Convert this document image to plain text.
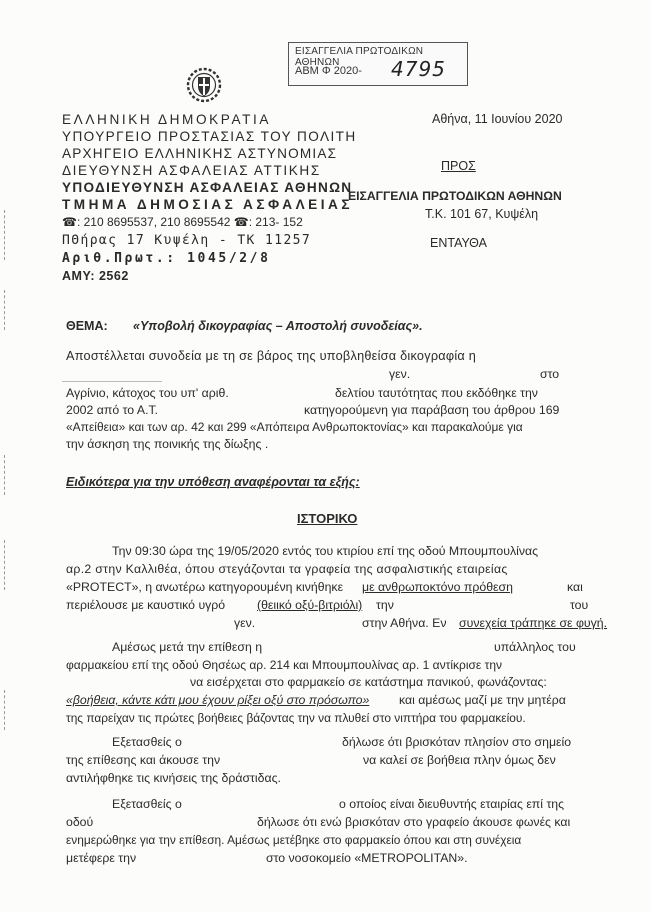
ΕΙΣΑΓΓΕΛΙΑ ΠΡΩΤΟΔΙΚΩΝ ΑΘΗΝΩΝ
ΑΒΜ Φ 2020- 4795
ΕΛΛΗΝΙΚΗ ΔΗΜΟΚΡΑΤΙΑ
ΥΠΟΥΡΓΕΙΟ ΠΡΟΣΤΑΣΙΑΣ ΤΟΥ ΠΟΛΙΤΗ
ΑΡΧΗΓΕΙΟ ΕΛΛΗΝΙΚΗΣ ΑΣΤΥΝΟΜΙΑΣ
ΔΙΕΥΘΥΝΣΗ ΑΣΦΑΛΕΙΑΣ ΑΤΤΙΚΗΣ
ΥΠΟΔΙΕΥΘΥΝΣΗ ΑΣΦΑΛΕΙΑΣ ΑΘΗΝΩΝ
ΤΜΗΜΑ ΔΗΜΟΣΙΑΣ ΑΣΦΑΛΕΙΑΣ
☎: 210 8695537, 210 8695542 ☎: 213- 152
ΠΘήρας 17 Κυψέλη - ΤΚ 11257
Αριθ.Πρωτ.: 1045/2/8
ΑΜΥ: 2562
Αθήνα, 11 Ιουνίου 2020
ΠΡΟΣ
ΕΙΣΑΓΓΕΛΙΑ ΠΡΩΤΟΔΙΚΩΝ ΑΘΗΝΩΝ
Τ.Κ. 101 67, Κυψέλη
ΕΝΤΑΥΘΑ
ΘΕΜΑ: «Υποβολή δικογραφίας – Αποστολή συνοδείας».
Αποστέλλεται συνοδεία με τη σε βάρος της υποβληθείσα δικογραφία η
γεν.	στο
Αγρίνιο, κάτοχος του υπ' αριθ.	δελτίου ταυτότητας που εκδόθηκε την
2002 από το Α.Τ.	κατηγορούμενη για παράβαση του άρθρου 169
«Απείθεια» και των αρ. 42 και 299 «Απόπειρα Ανθρωποκτονίας» και παρακαλούμε για
την άσκηση της ποινικής της δίωξης .
Ειδικότερα για την υπόθεση αναφέρονται τα εξής:
ΙΣΤΟΡΙΚΟ
Την 09:30 ώρα της 19/05/2020 εντός του κτιρίου επί της οδού Μπουμπουλίνας
αρ.2 στην Καλλιθέα, όπου στεγάζονται τα γραφεία της ασφαλιστικής εταιρείας
«PROTECT», η ανωτέρω κατηγορουμένη κινήθηκε με ανθρωποκτόνο πρόθεση	και
περιέλουσε με καυστικό υγρό	(θειικό οξύ-βιτριόλι) την	του
γεν.	στην Αθήνα. Εν συνεχεία τράπηκε σε φυγή.
Αμέσως μετά την επίθεση η	υπάλληλος του
φαρμακείου επί της οδού Θησέως αρ. 214 και Μπουμπουλίνας αρ. 1 αντίκρισε την
να εισέρχεται στο φαρμακείο σε κατάστημα πανικού, φωνάζοντας:
«βοήθεια, κάντε κάτι μου έχουν ρίξει οξύ στο πρόσωπο» και αμέσως μαζί με την μητέρα
της παρείχαν τις πρώτες βοήθειες βάζοντας την να πλυθεί στο νιπτήρα του φαρμακείου.
Εξετασθείς ο	δήλωσε ότι βρισκόταν πλησίον στο σημείο
της επίθεσης και άκουσε την	να καλεί σε βοήθεια πλην όμως δεν
αντιλήφθηκε τις κινήσεις της δράστιδας.
Εξετασθείς ο	ο οποίος είναι διευθυντής εταιρίας επί της
οδού	δήλωσε ότι ενώ βρισκόταν στο γραφείο άκουσε φωνές και
ενημερώθηκε για την επίθεση. Αμέσως μετέβηκε στο φαρμακείο όπου και στη συνέχεια
μετέφερε την	στο νοσοκομείο «METROPOLITAN».
